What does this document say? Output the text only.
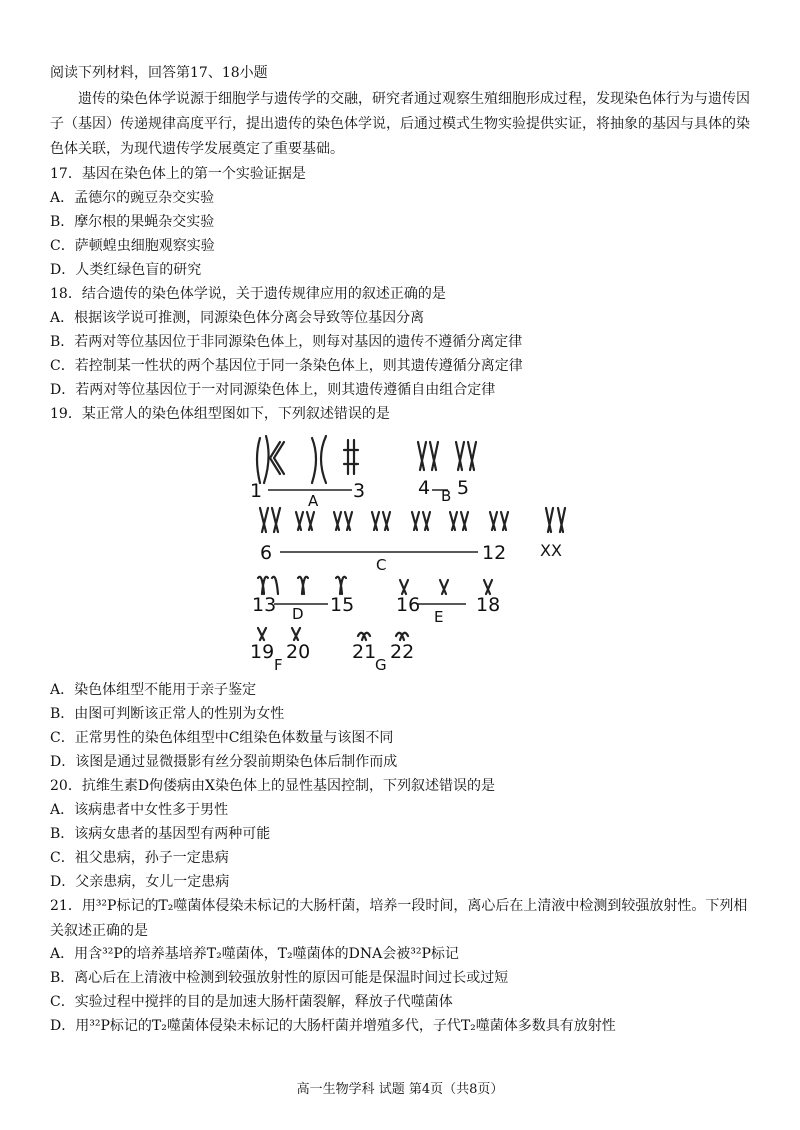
阅读下列材料，回答第17、18小题
遗传的染色体学说源于细胞学与遗传学的交融，研究者通过观察生殖细胞形成过程，发现染色体行为与遗传因子（基因）传递规律高度平行，提出遗传的染色体学说，后通过模式生物实验提供实证，将抽象的基因与具体的染色体关联，为现代遗传学发展奠定了重要基础。
17．基因在染色体上的第一个实验证据是
A．孟德尔的豌豆杂交实验
B．摩尔根的果蝇杂交实验
C．萨顿蝗虫细胞观察实验
D．人类红绿色盲的研究
18．结合遗传的染色体学说，关于遗传规律应用的叙述正确的是
A．根据该学说可推测，同源染色体分离会导致等位基因分离
B．若两对等位基因位于非同源染色体上，则每对基因的遗传不遵循分离定律
C．若控制某一性状的两个基因位于同一条染色体上，则其遗传遵循分离定律
D．若两对等位基因位于一对同源染色体上，则其遗传遵循自由组合定律
19．某正常人的染色体组型图如下，下列叙述错误的是
1	3	4 5
6	12
13	15 16	18
19 20 21 22
A	B
C
XX
D	E
F	G
A．染色体组型不能用于亲子鉴定
B．由图可判断该正常人的性别为女性
C．正常男性的染色体组型中C组染色体数量与该图不同
D．该图是通过显微摄影有丝分裂前期染色体后制作而成
20．抗维生素D佝偻病由X染色体上的显性基因控制，下列叙述错误的是
A．该病患者中女性多于男性
B．该病女患者的基因型有两种可能
C．祖父患病，孙子一定患病
D．父亲患病，女儿一定患病
21．用³²P标记的T₂噬菌体侵染未标记的大肠杆菌，培养一段时间，离心后在上清液中检测到较强放射性。下列相关叙述正确的是
A．用含³²P的培养基培养T₂噬菌体，T₂噬菌体的DNA会被³²P标记
B．离心后在上清液中检测到较强放射性的原因可能是保温时间过长或过短
C．实验过程中搅拌的目的是加速大肠杆菌裂解，释放子代噬菌体
D．用³²P标记的T₂噬菌体侵染未标记的大肠杆菌并增殖多代，子代T₂噬菌体多数具有放射性
高一生物学科 试题 第4页（共8页）
